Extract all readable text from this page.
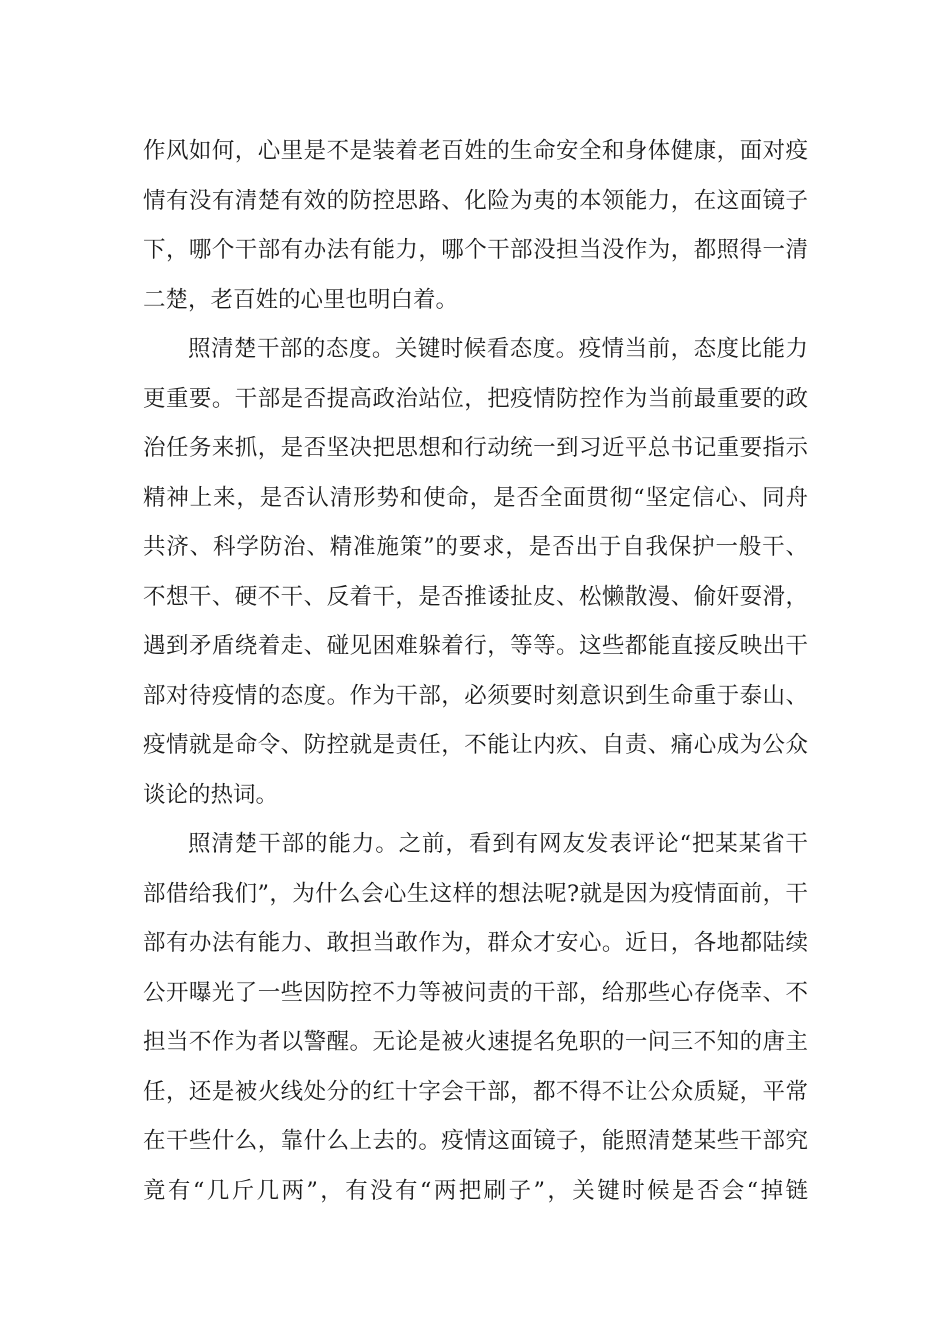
作风如何，心里是不是装着老百姓的生命安全和身体健康，面对疫
情有没有清楚有效的防控思路、化险为夷的本领能力，在这面镜子
下，哪个干部有办法有能力，哪个干部没担当没作为，都照得一清
二楚，老百姓的心里也明白着。
照清楚干部的态度。关键时候看态度。疫情当前，态度比能力
更重要。干部是否提高政治站位，把疫情防控作为当前最重要的政
治任务来抓，是否坚决把思想和行动统一到习近平总书记重要指示
精神上来，是否认清形势和使命，是否全面贯彻“坚定信心、同舟
共济、科学防治、精准施策”的要求，是否出于自我保护一般干、
不想干、硬不干、反着干，是否推诿扯皮、松懒散漫、偷奸耍滑，
遇到矛盾绕着走、碰见困难躲着行，等等。这些都能直接反映出干
部对待疫情的态度。作为干部，必须要时刻意识到生命重于泰山、
疫情就是命令、防控就是责任，不能让内疚、自责、痛心成为公众
谈论的热词。
照清楚干部的能力。之前，看到有网友发表评论“把某某省干
部借给我们”，为什么会心生这样的想法呢?就是因为疫情面前，干
部有办法有能力、敢担当敢作为，群众才安心。近日，各地都陆续
公开曝光了一些因防控不力等被问责的干部，给那些心存侥幸、不
担当不作为者以警醒。无论是被火速提名免职的一问三不知的唐主
任，还是被火线处分的红十字会干部，都不得不让公众质疑，平常
在干些什么，靠什么上去的。疫情这面镜子，能照清楚某些干部究
竟有“几斤几两”，有没有“两把刷子”，关键时候是否会“掉链
